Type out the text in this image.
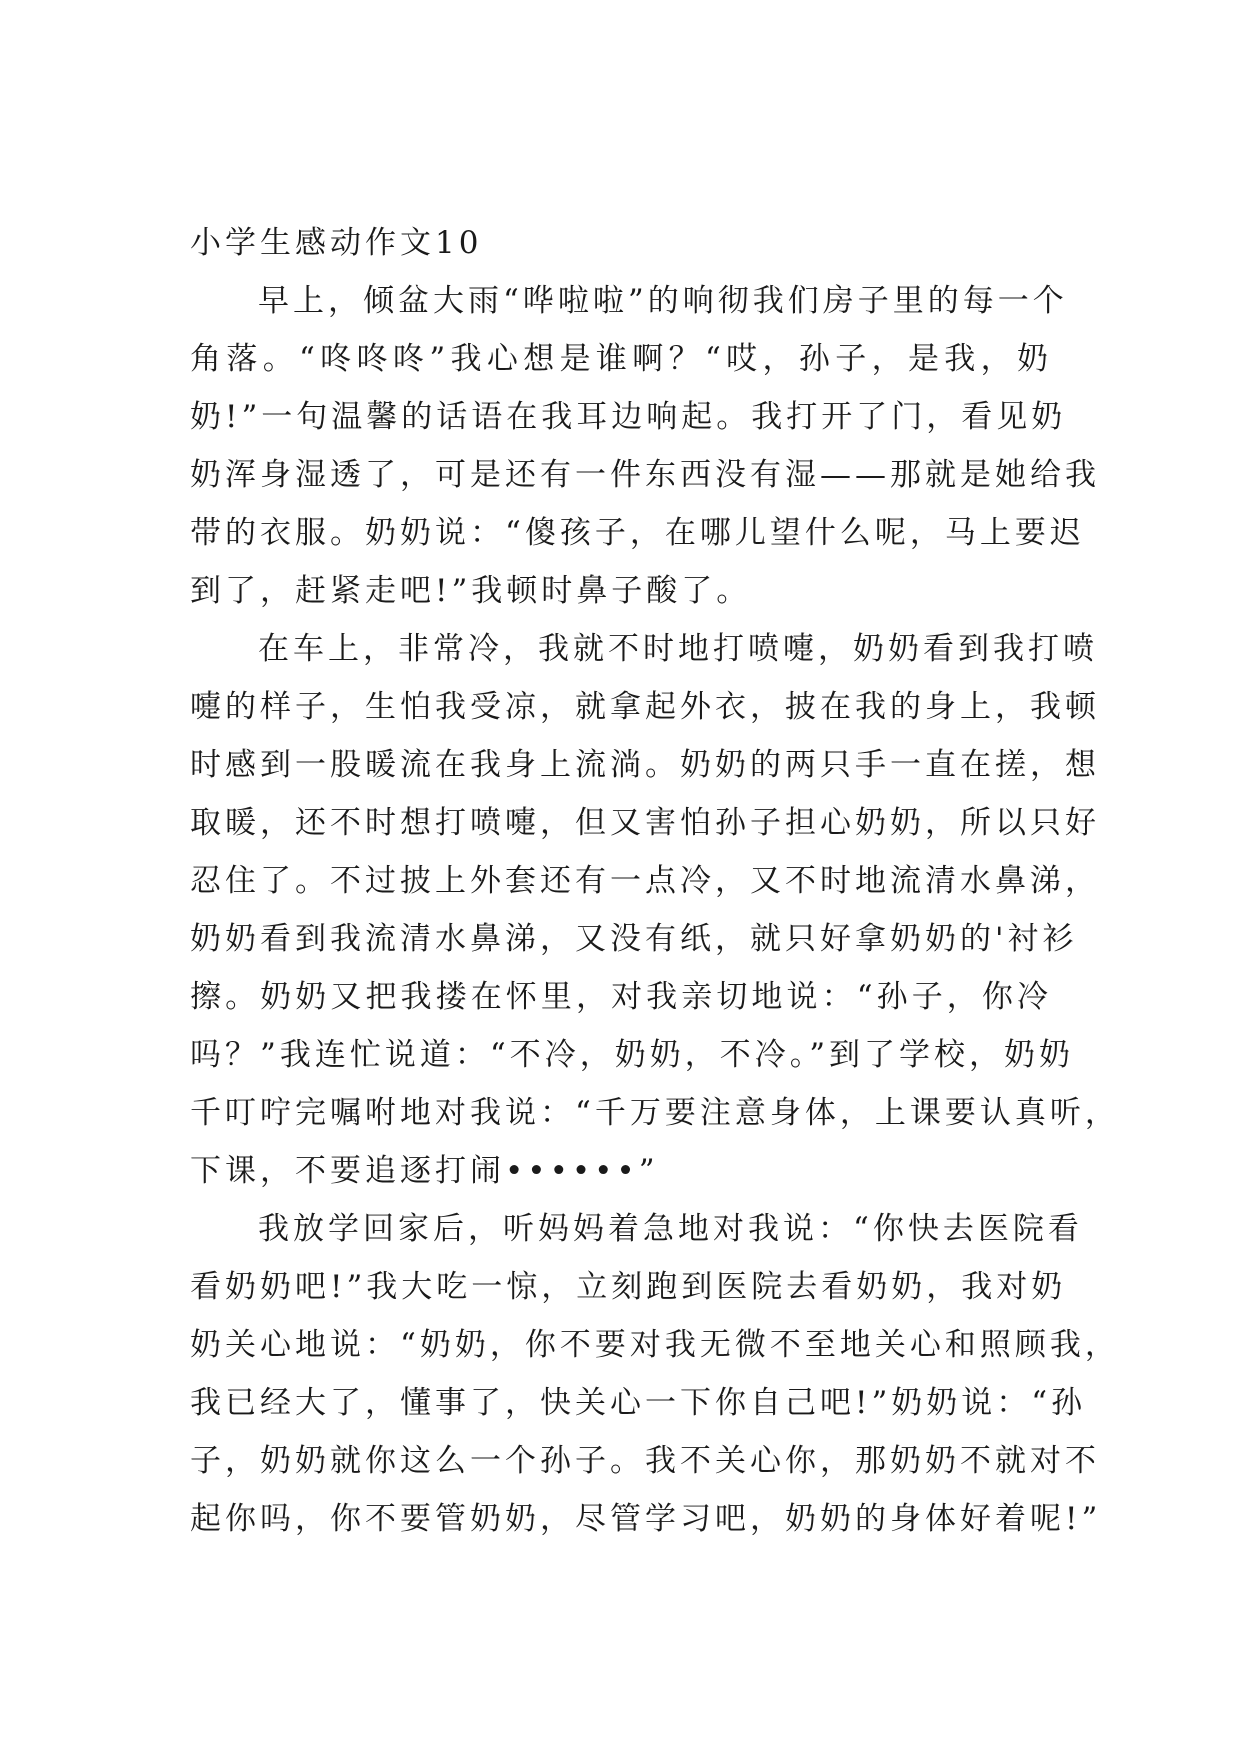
小学生感动作文10
早上，倾盆大雨“哗啦啦”的响彻我们房子里的每一个
角落。“咚咚咚”我心想是谁啊？“哎，孙子，是我，奶
奶!”一句温馨的话语在我耳边响起。我打开了门，看见奶
奶浑身湿透了，可是还有一件东西没有湿——那就是她给我
带的衣服。奶奶说：“傻孩子，在哪儿望什么呢，马上要迟
到了，赶紧走吧!”我顿时鼻子酸了。
在车上，非常冷，我就不时地打喷嚏，奶奶看到我打喷
嚏的样子，生怕我受凉，就拿起外衣，披在我的身上，我顿
时感到一股暖流在我身上流淌。奶奶的两只手一直在搓，想
取暖，还不时想打喷嚏，但又害怕孙子担心奶奶，所以只好
忍住了。不过披上外套还有一点冷，又不时地流清水鼻涕，
奶奶看到我流清水鼻涕，又没有纸，就只好拿奶奶的'衬衫
擦。奶奶又把我搂在怀里，对我亲切地说：“孙子，你冷
吗？”我连忙说道：“不冷，奶奶，不冷。”到了学校，奶奶
千叮咛完嘱咐地对我说：“千万要注意身体，上课要认真听，
下课，不要追逐打闹••••••”
我放学回家后，听妈妈着急地对我说：“你快去医院看
看奶奶吧!”我大吃一惊，立刻跑到医院去看奶奶，我对奶
奶关心地说：“奶奶，你不要对我无微不至地关心和照顾我，
我已经大了，懂事了，快关心一下你自己吧!”奶奶说：“孙
子，奶奶就你这么一个孙子。我不关心你，那奶奶不就对不
起你吗，你不要管奶奶，尽管学习吧，奶奶的身体好着呢!”
